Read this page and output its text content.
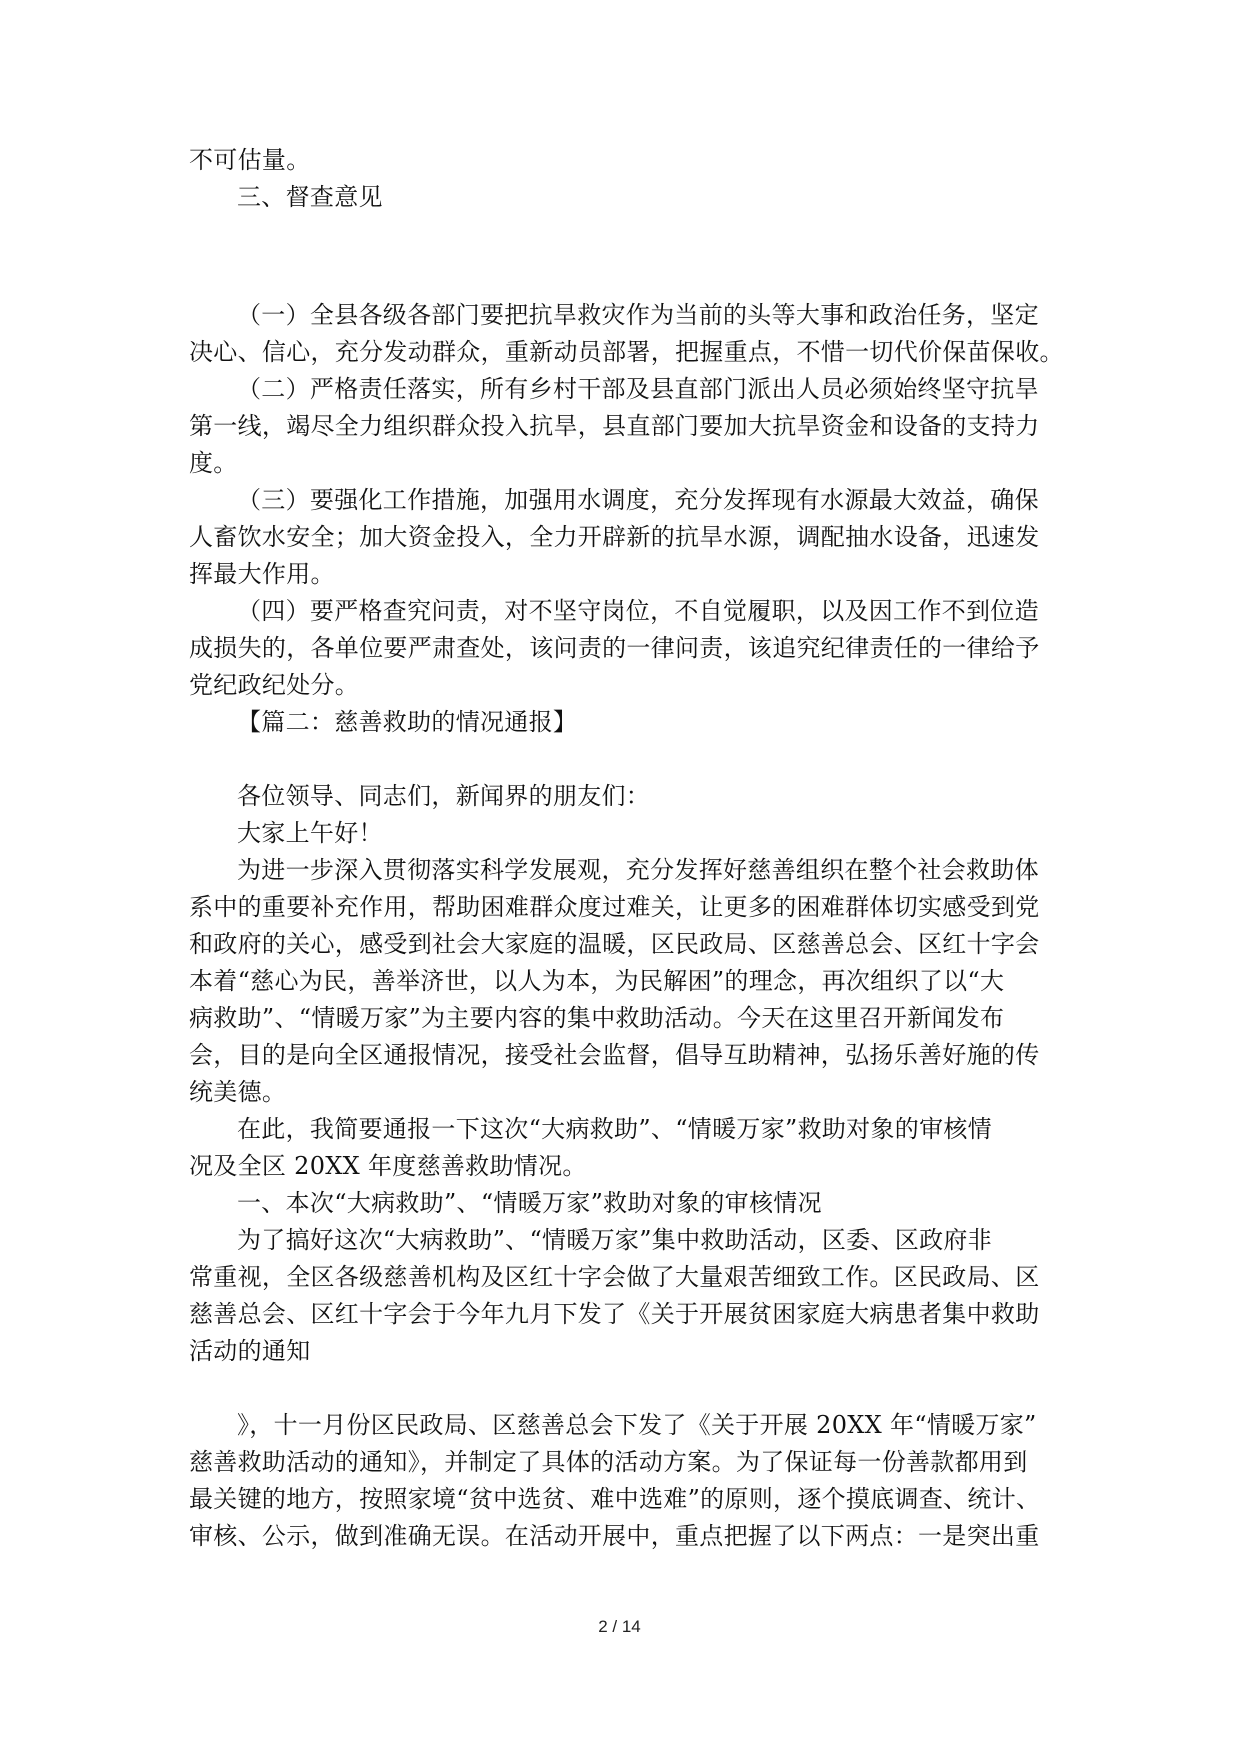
不可估量。
三、督查意见
（一）全县各级各部门要把抗旱救灾作为当前的头等大事和政治任务，坚定
决心、信心，充分发动群众，重新动员部署，把握重点，不惜一切代价保苗保收。
（二）严格责任落实，所有乡村干部及县直部门派出人员必须始终坚守抗旱
第一线，竭尽全力组织群众投入抗旱，县直部门要加大抗旱资金和设备的支持力
度。
（三）要强化工作措施，加强用水调度，充分发挥现有水源最大效益，确保
人畜饮水安全；加大资金投入，全力开辟新的抗旱水源，调配抽水设备，迅速发
挥最大作用。
（四）要严格查究问责，对不坚守岗位，不自觉履职，以及因工作不到位造
成损失的，各单位要严肃查处，该问责的一律问责，该追究纪律责任的一律给予
党纪政纪处分。
【篇二：慈善救助的情况通报】
各位领导、同志们，新闻界的朋友们：
大家上午好！
为进一步深入贯彻落实科学发展观，充分发挥好慈善组织在整个社会救助体
系中的重要补充作用，帮助困难群众度过难关，让更多的困难群体切实感受到党
和政府的关心，感受到社会大家庭的温暖，区民政局、区慈善总会、区红十字会
本着“慈心为民，善举济世，以人为本，为民解困”的理念，再次组织了以“大
病救助”、“情暖万家”为主要内容的集中救助活动。今天在这里召开新闻发布
会，目的是向全区通报情况，接受社会监督，倡导互助精神，弘扬乐善好施的传
统美德。
在此，我简要通报一下这次“大病救助”、“情暖万家”救助对象的审核情
况及全区 20XX 年度慈善救助情况。
一、本次“大病救助”、“情暖万家”救助对象的审核情况
为了搞好这次“大病救助”、“情暖万家”集中救助活动，区委、区政府非
常重视，全区各级慈善机构及区红十字会做了大量艰苦细致工作。区民政局、区
慈善总会、区红十字会于今年九月下发了《关于开展贫困家庭大病患者集中救助
活动的通知
》，十一月份区民政局、区慈善总会下发了《关于开展 20XX 年“情暖万家”
慈善救助活动的通知》，并制定了具体的活动方案。为了保证每一份善款都用到
最关键的地方，按照家境“贫中选贫、难中选难”的原则，逐个摸底调查、统计、
审核、公示，做到准确无误。在活动开展中，重点把握了以下两点：一是突出重
2 / 14
